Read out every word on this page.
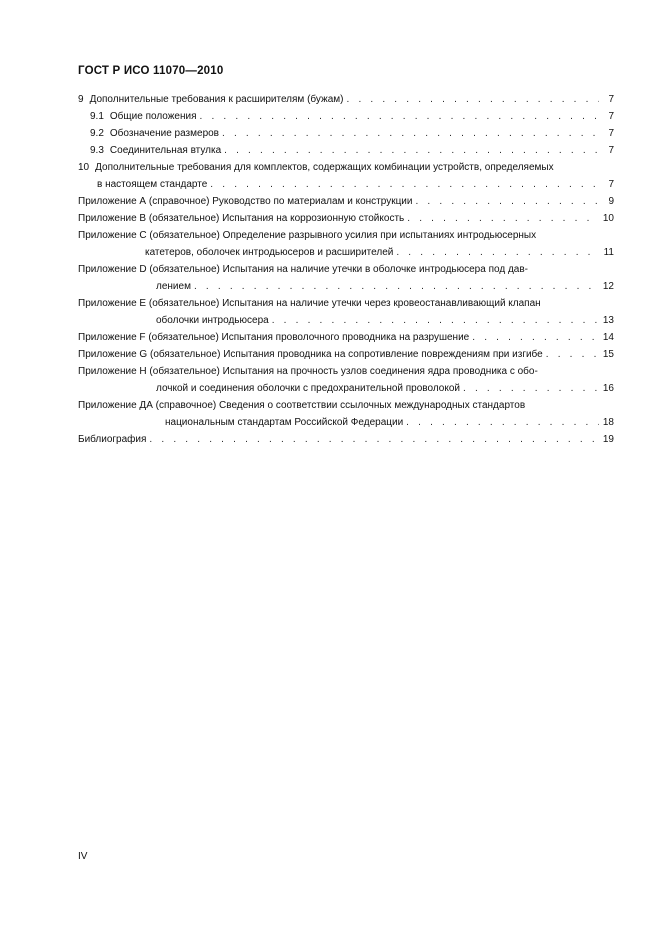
ГОСТ Р ИСО 11070—2010
9 Дополнительные требования к расширителям (бужам) . . .	7
9.1 Общие положения . . .	7
9.2 Обозначение размеров . . .	7
9.3 Соединительная втулка . . .	7
10 Дополнительные требования для комплектов, содержащих комбинации устройств, определяемых
в настоящем стандарте . . .	7
Приложение А (справочное) Руководство по материалам и конструкции . . .	9
Приложение В (обязательное) Испытания на коррозионную стойкость . . .	10
Приложение С (обязательное) Определение разрывного усилия при испытаниях интродьюсерных
катетеров, оболочек интродьюсеров и расширителей . . .	11
Приложение D (обязательное) Испытания на наличие утечки в оболочке интродьюсера под дав-
лением . . .	12
Приложение Е (обязательное) Испытания на наличие утечки через кровеостанавливающий клапан
оболочки интродьюсера . . .	13
Приложение F (обязательное) Испытания проволочного проводника на разрушение . . .	14
Приложение G (обязательное) Испытания проводника на сопротивление повреждениям при изгибе . . .	15
Приложение Н (обязательное) Испытания на прочность узлов соединения ядра проводника с обо-
лочкой и соединения оболочки с предохранительной проволокой . . .	16
Приложение ДА (справочное) Сведения о соответствии ссылочных международных стандартов
национальным стандартам Российской Федерации . . .	18
Библиография . . .	19
IV
